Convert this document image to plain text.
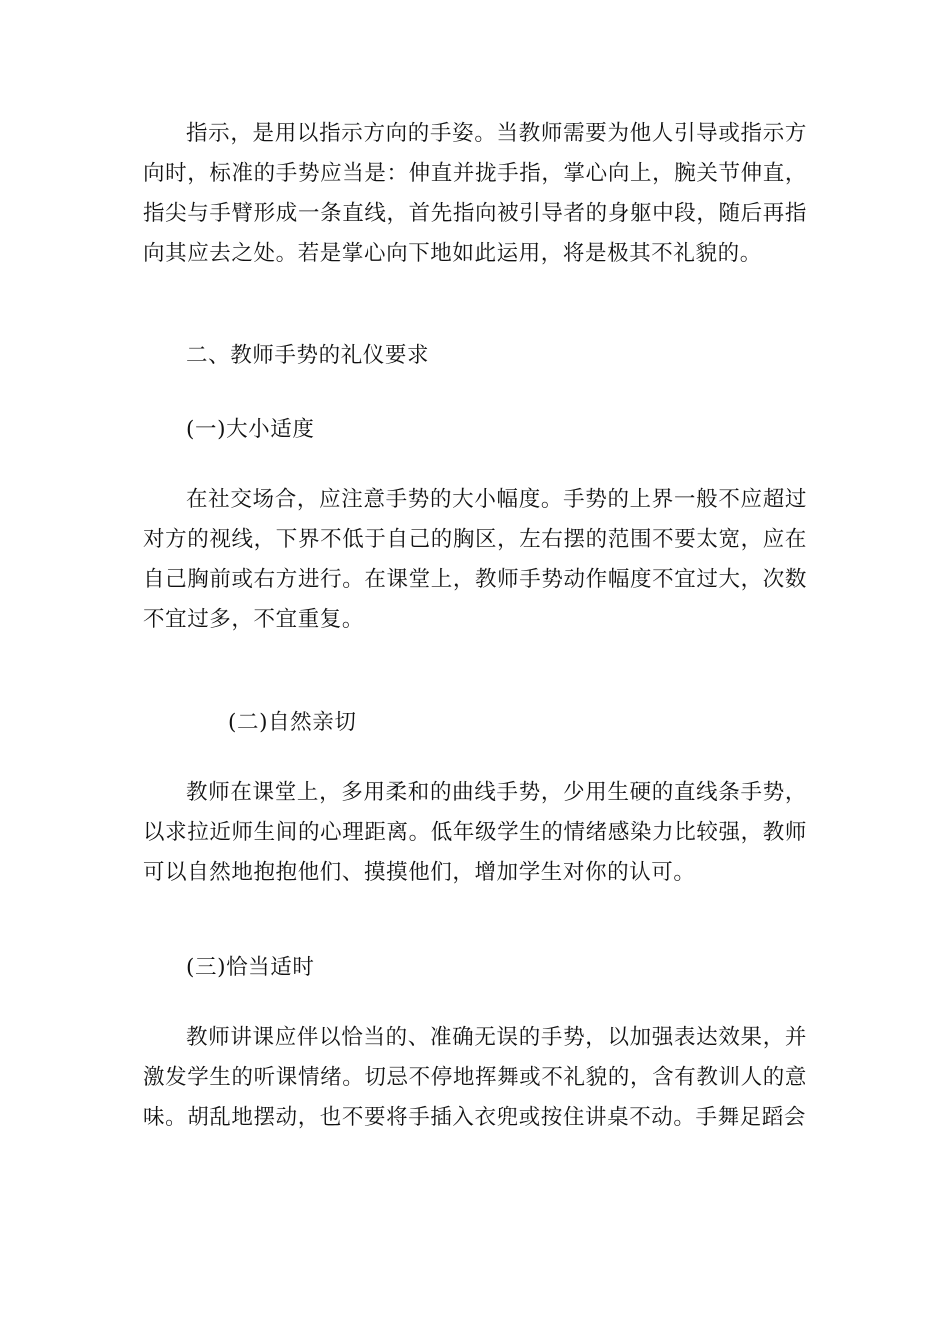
指示，是用以指示方向的手姿。当教师需要为他人引导或指示方向时，标准的手势应当是：伸直并拢手指，掌心向上，腕关节伸直，指尖与手臂形成一条直线，首先指向被引导者的身躯中段，随后再指向其应去之处。若是掌心向下地如此运用，将是极其不礼貌的。

二、教师手势的礼仪要求

(一)大小适度

在社交场合，应注意手势的大小幅度。手势的上界一般不应超过对方的视线，下界不低于自己的胸区，左右摆的范围不要太宽，应在自己胸前或右方进行。在课堂上，教师手势动作幅度不宜过大，次数不宜过多，不宜重复。

(二)自然亲切

教师在课堂上，多用柔和的曲线手势，少用生硬的直线条手势，以求拉近师生间的心理距离。低年级学生的情绪感染力比较强，教师可以自然地抱抱他们、摸摸他们，增加学生对你的认可。

(三)恰当适时

教师讲课应伴以恰当的、准确无误的手势，以加强表达效果，并激发学生的听课情绪。切忌不停地挥舞或不礼貌的，含有教训人的意味。胡乱地摆动，也不要将手插入衣兜或按住讲桌不动。手舞足蹈会
